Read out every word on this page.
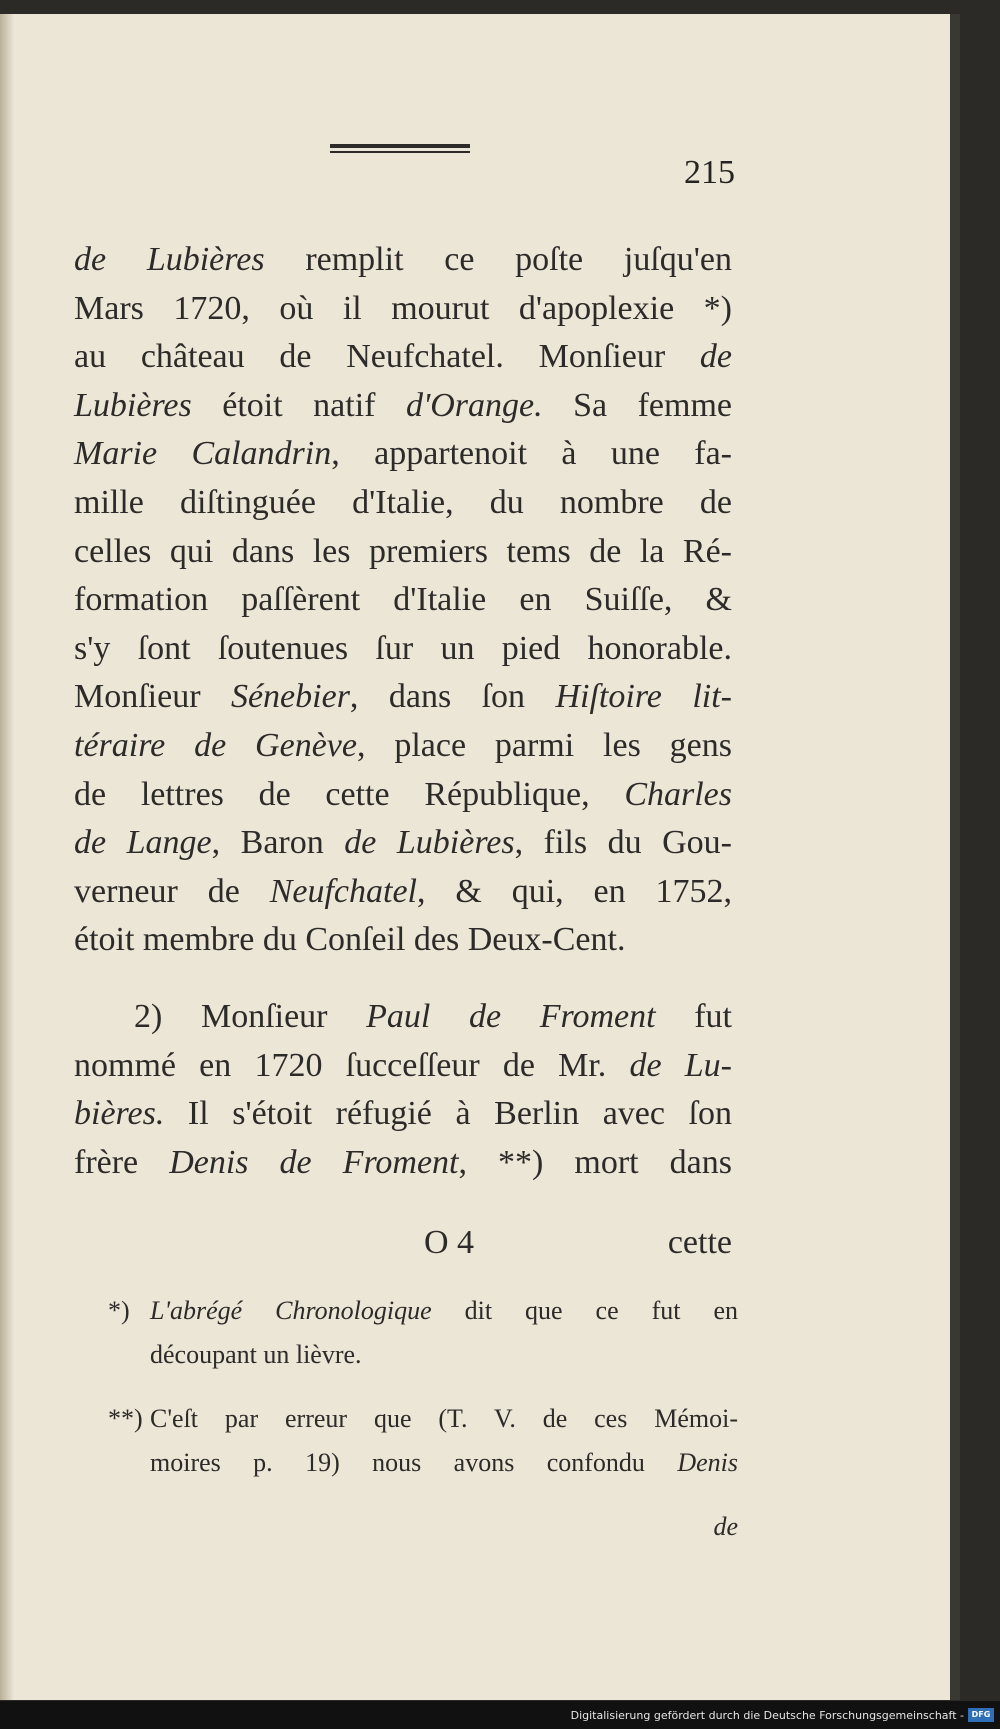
215

de Lubières remplit ce poſte juſqu'en
Mars 1720, où il mourut d'apoplexie *)
au château de Neufchatel. Monſieur de
Lubières étoit natif d'Orange. Sa femme
Marie Calandrin, appartenoit à une fa-
mille diſtinguée d'Italie, du nombre de
celles qui dans les premiers tems de la Ré-
formation paſſèrent d'Italie en Suiſſe, &
s'y ſont ſoutenues ſur un pied honorable.
Monſieur Sénebier, dans ſon Hiſtoire lit-
téraire de Genève, place parmi les gens
de lettres de cette République, Charles
de Lange, Baron de Lubières, fils du Gou-
verneur de Neufchatel, & qui, en 1752,
étoit membre du Conſeil des Deux-Cent.

2) Monſieur Paul de Froment fut
nommé en 1720 ſucceſſeur de Mr. de Lu-
bières. Il s'étoit réfugié à Berlin avec ſon
frère Denis de Froment, **) mort dans

O 4	cette
*) L'abrégé Chronologique dit que ce fut en
découpant un lièvre.
**) C'eſt par erreur que (T. V. de ces Mémoi-
moires p. 19) nous avons confondu Denis
de
Digitalisierung gefördert durch die Deutsche Forschungsgemeinschaft - DFG
